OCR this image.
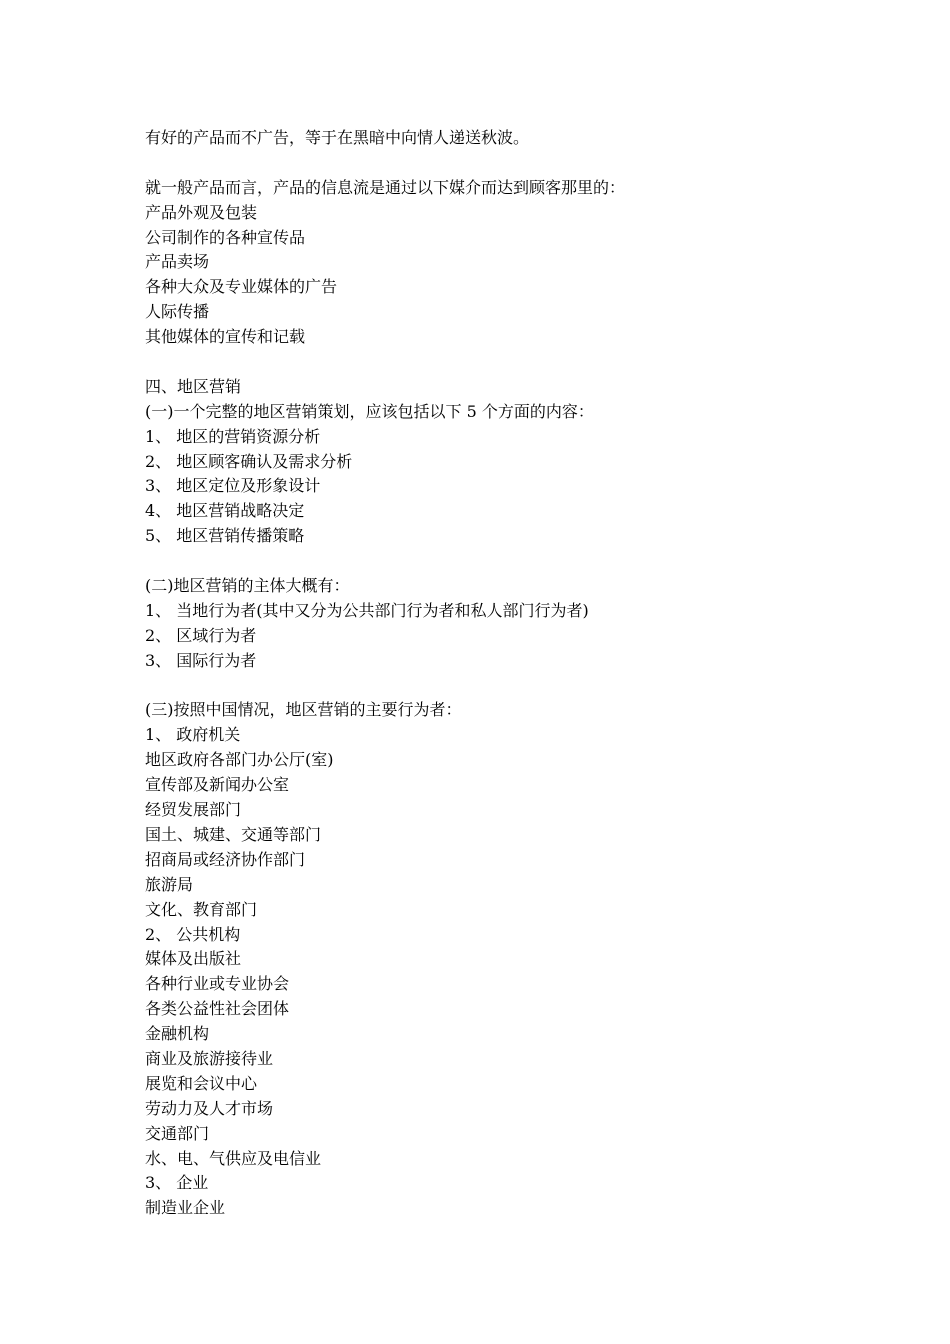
有好的产品而不广告，等于在黑暗中向情人递送秋波。
就一般产品而言，产品的信息流是通过以下媒介而达到顾客那里的：
产品外观及包装
公司制作的各种宣传品
产品卖场
各种大众及专业媒体的广告
人际传播
其他媒体的宣传和记载
四、地区营销
(一)一个完整的地区营销策划，应该包括以下 5 个方面的内容：
1、 地区的营销资源分析
2、 地区顾客确认及需求分析
3、 地区定位及形象设计
4、 地区营销战略决定
5、 地区营销传播策略
(二)地区营销的主体大概有：
1、 当地行为者(其中又分为公共部门行为者和私人部门行为者)
2、 区域行为者
3、 国际行为者
(三)按照中国情况，地区营销的主要行为者：
1、 政府机关
地区政府各部门办公厅(室)
宣传部及新闻办公室
经贸发展部门
国土、城建、交通等部门
招商局或经济协作部门
旅游局
文化、教育部门
2、 公共机构
媒体及出版社
各种行业或专业协会
各类公益性社会团体
金融机构
商业及旅游接待业
展览和会议中心
劳动力及人才市场
交通部门
水、电、气供应及电信业
3、 企业
制造业企业
